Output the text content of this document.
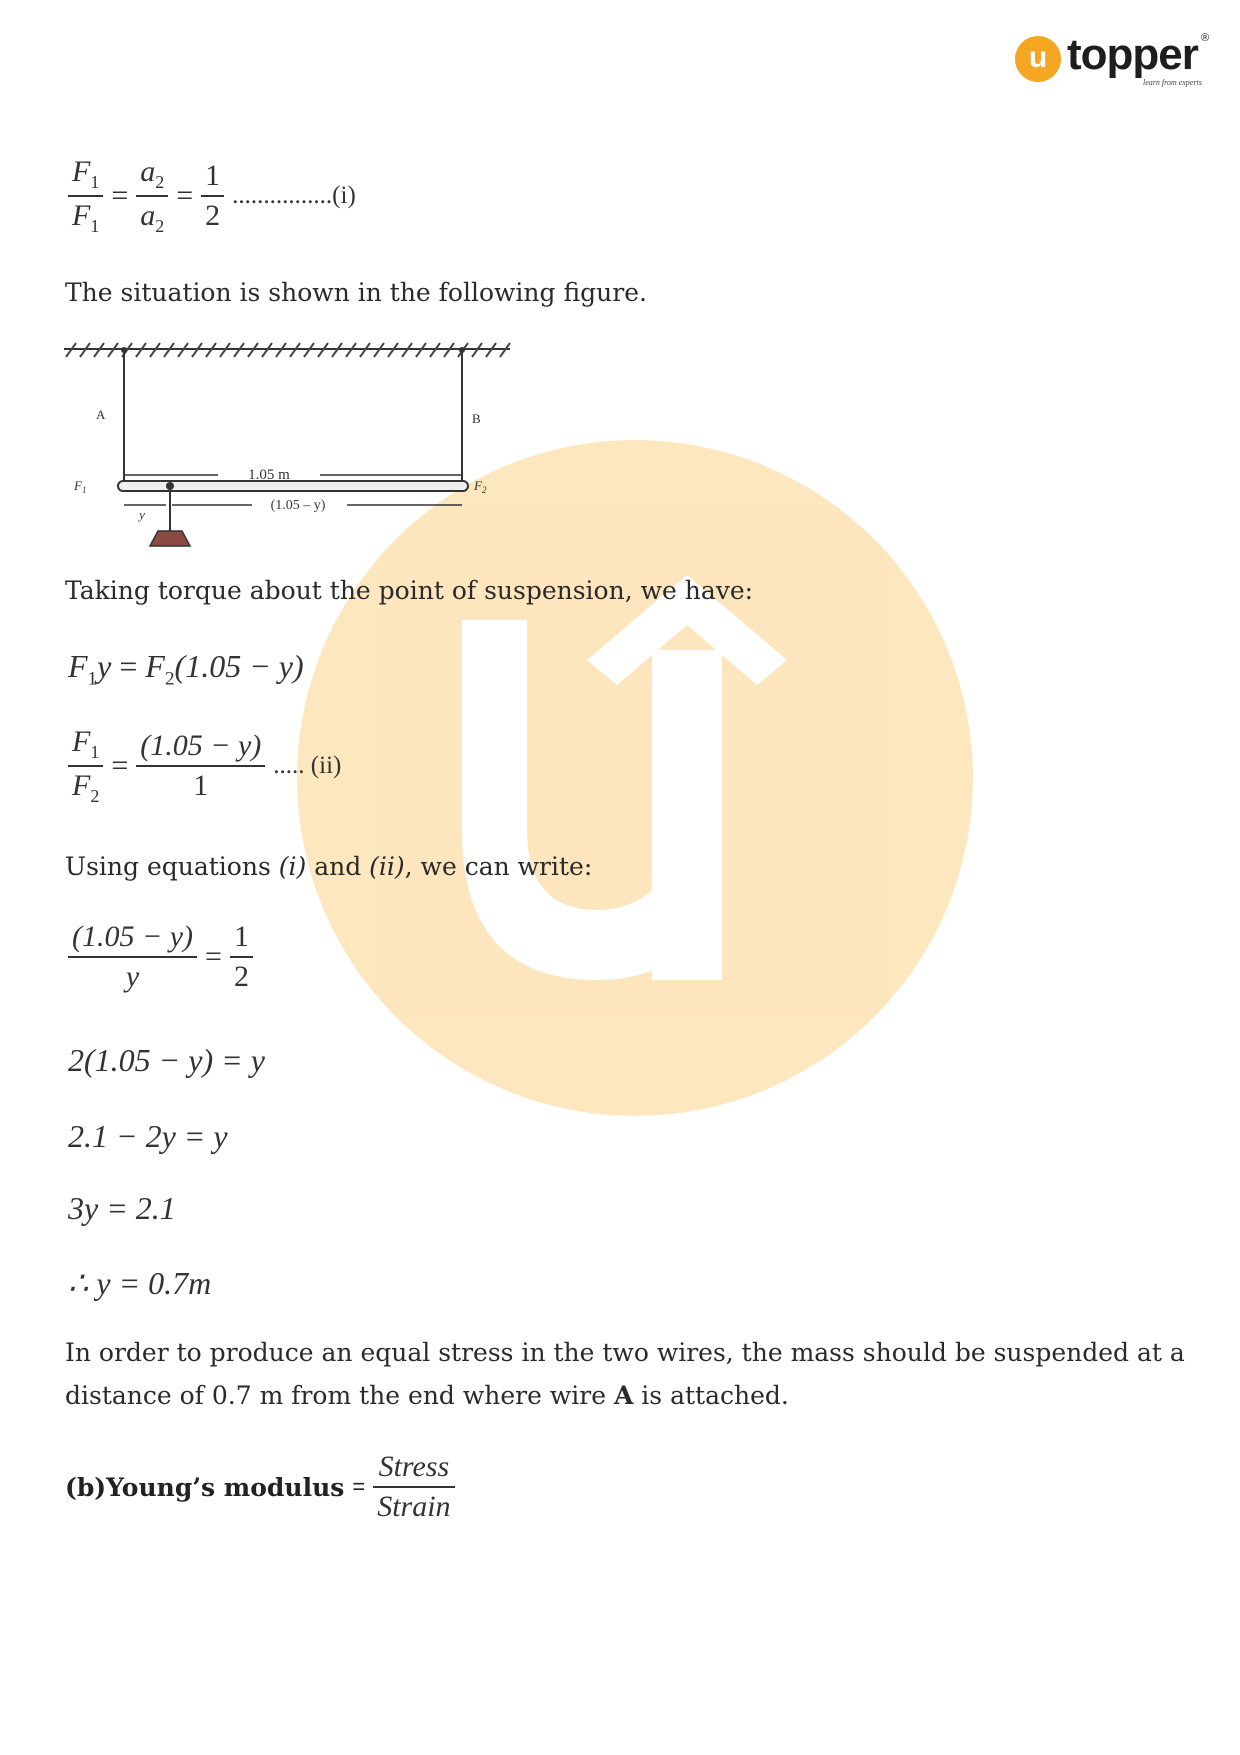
u topper ®
learn from experts
$\frac{F_1}{F_1} = \frac{a_2}{a_2} = \frac{1}{2} ................(i)$
The situation is shown in the following figure.
1.05 m
(1.05 – y)
y
A	B
$F_1$	$F_2$
Taking torque about the point of suspension, we have:
$F_1y = F_2(1.05 - y)$
$\frac{F_1}{F_2} = \frac{(1.05 - y)}{1}$ ..... (ii)
Using equations (i) and (ii), we can write:
$\frac{(1.05 - y)}{y} = \frac{1}{2}$
2(1.05 − y) = y
2.1 − 2y = y
3y = 2.1
∴ y = 0.7m
In order to produce an equal stress in the two wires, the mass should be suspended at a
distance of 0.7 m from the end where wire A is attached.
(b)Young’s modulus = $\frac{\text{Stress}}{\text{Strain}}$
